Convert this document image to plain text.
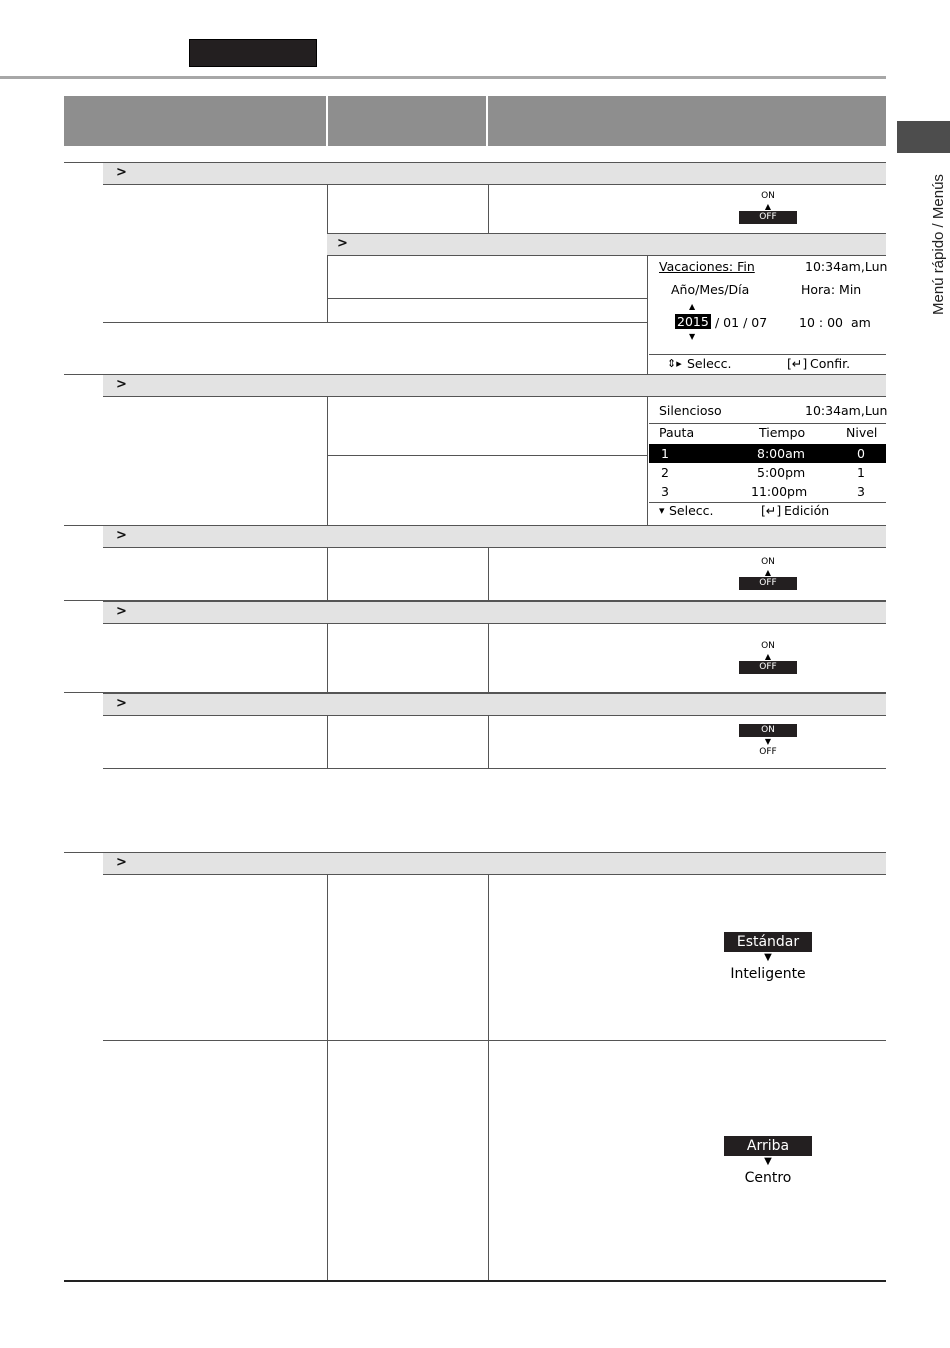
Menú rápido / Menús
>
ON
▲
OFF
>
Vacaciones: Fin	10:34am,Lun
Año/Mes/Día	Hora: Min
▲
2015 / 01 / 07	10 : 00 am
▼
⇕▸ Selecc.	[↵] Confir.
>
Silencioso	10:34am,Lun
Pauta	Tiempo	Nivel
1	8:00am	0
2	5:00pm	1
3	11:00pm	3
▾ Selecc.	[↵] Edición
>
ON
▲
OFF
>
ON
▲
OFF
>
ON
▼
OFF
>
Estándar
▼
Inteligente
Arriba
▼
Centro
